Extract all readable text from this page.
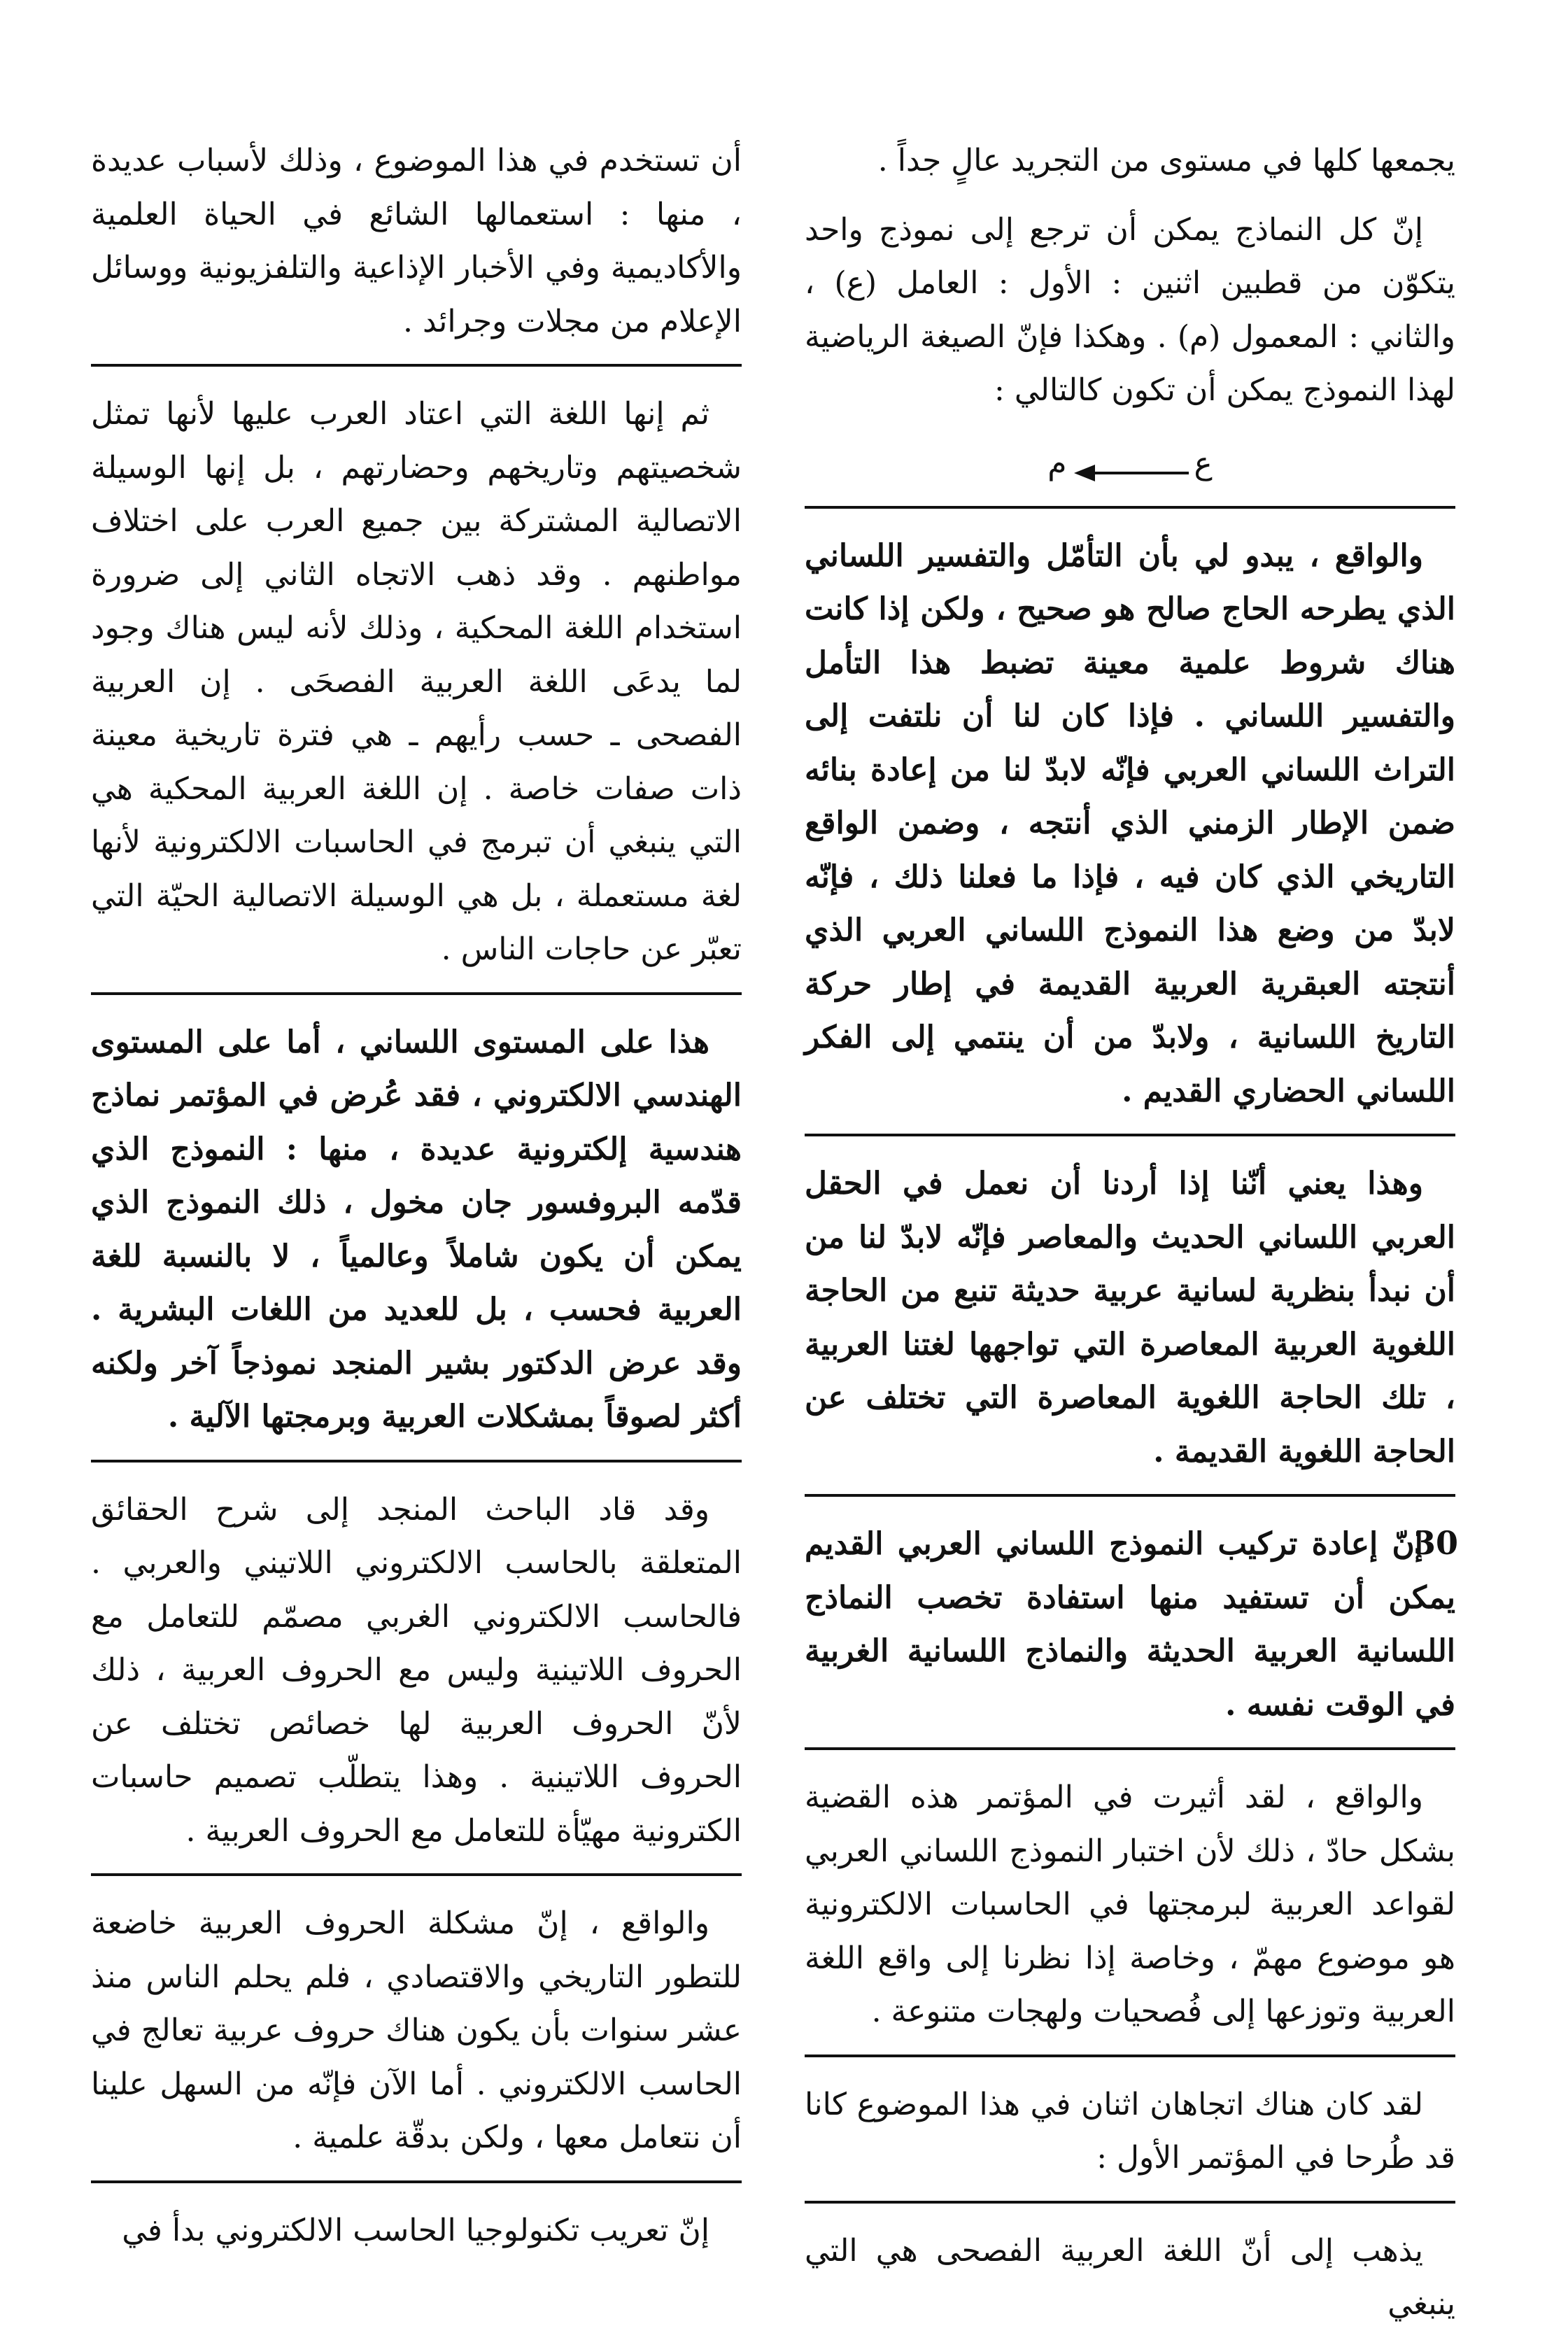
يجمعها كلها في مستوى من التجريد عالٍ جداً .

إنّ كل النماذج يمكن أن ترجع إلى نموذج واحد يتكوّن من قطبين اثنين : الأول : العامل (ع) ، والثاني : المعمول (م) . وهكذا فإنّ الصيغة الرياضية لهذا النموذج يمكن أن تكون كالتالي :

ع
م

والواقع ، يبدو لي بأن التأمّل والتفسير اللساني الذي يطرحه الحاج صالح هو صحيح ، ولكن إذا كانت هناك شروط علمية معينة تضبط هذا التأمل والتفسير اللساني . فإذا كان لنا أن نلتفت إلى التراث اللساني العربي فإنّه لابدّ لنا من إعادة بنائه ضمن الإطار الزمني الذي أنتجه ، وضمن الواقع التاريخي الذي كان فيه ، فإذا ما فعلنا ذلك ، فإنّه لابدّ من وضع هذا النموذج اللساني العربي الذي أنتجته العبقرية العربية القديمة في إطار حركة التاريخ اللسانية ، ولابدّ من أن ينتمي إلى الفكر اللساني الحضاري القديم .

وهذا يعني أنّنا إذا أردنا أن نعمل في الحقل العربي اللساني الحديث والمعاصر فإنّه لابدّ لنا من أن نبدأ بنظرية لسانية عربية حديثة تنبع من الحاجة اللغوية العربية المعاصرة التي تواجهها لغتنا العربية ، تلك الحاجة اللغوية المعاصرة التي تختلف عن الحاجة اللغوية القديمة .

إنّ إعادة تركيب النموذج اللساني العربي القديم يمكن أن تستفيد منها استفادة تخصب النماذج اللسانية العربية الحديثة والنماذج اللسانية الغربية في الوقت نفسه .

والواقع ، لقد أثيرت في المؤتمر هذه القضية بشكل حادّ ، ذلك لأن اختبار النموذج اللساني العربي لقواعد العربية لبرمجتها في الحاسبات الالكترونية هو موضوع مهمّ ، وخاصة إذا نظرنا إلى واقع اللغة العربية وتوزعها إلى فُصحيات ولهجات متنوعة .

لقد كان هناك اتجاهان اثنان في هذا الموضوع كانا قد طُرحا في المؤتمر الأول :

يذهب إلى أنّ اللغة العربية الفصحى هي التي ينبغي

أن تستخدم في هذا الموضوع ، وذلك لأسباب عديدة ، منها : استعمالها الشائع في الحياة العلمية والأكاديمية وفي الأخبار الإذاعية والتلفزيونية ووسائل الإعلام من مجلات وجرائد .

ثم إنها اللغة التي اعتاد العرب عليها لأنها تمثل شخصيتهم وتاريخهم وحضارتهم ، بل إنها الوسيلة الاتصالية المشتركة بين جميع العرب على اختلاف مواطنهم . وقد ذهب الاتجاه الثاني إلى ضرورة استخدام اللغة المحكية ، وذلك لأنه ليس هناك وجود لما يدعَى اللغة العربية الفصحَى . إن العربية الفصحى ـ حسب رأيهم ـ هي فترة تاريخية معينة ذات صفات خاصة . إن اللغة العربية المحكية هي التي ينبغي أن تبرمج في الحاسبات الالكترونية لأنها لغة مستعملة ، بل هي الوسيلة الاتصالية الحيّة التي تعبّر عن حاجات الناس .

هذا على المستوى اللساني ، أما على المستوى الهندسي الالكتروني ، فقد عُرض في المؤتمر نماذج هندسية إلكترونية عديدة ، منها : النموذج الذي قدّمه البروفسور جان مخول ، ذلك النموذج الذي يمكن أن يكون شاملاً وعالمياً ، لا بالنسبة للغة العربية فحسب ، بل للعديد من اللغات البشرية . وقد عرض الدكتور بشير المنجد نموذجاً آخر ولكنه أكثر لصوقاً بمشكلات العربية وبرمجتها الآلية .

وقد قاد الباحث المنجد إلى شرح الحقائق المتعلقة بالحاسب الالكتروني اللاتيني والعربي . فالحاسب الالكتروني الغربي مصمّم للتعامل مع الحروف اللاتينية وليس مع الحروف العربية ، ذلك لأنّ الحروف العربية لها خصائص تختلف عن الحروف اللاتينية . وهذا يتطلّب تصميم حاسبات الكترونية مهيّأة للتعامل مع الحروف العربية .

والواقع ، إنّ مشكلة الحروف العربية خاضعة للتطور التاريخي والاقتصادي ، فلم يحلم الناس منذ عشر سنوات بأن يكون هناك حروف عربية تعالج في الحاسب الالكتروني . أما الآن فإنّه من السهل علينا أن نتعامل معها ، ولكن بدقّة علمية .

إنّ تعريب تكنولوجيا الحاسب الالكتروني بدأ في

30
